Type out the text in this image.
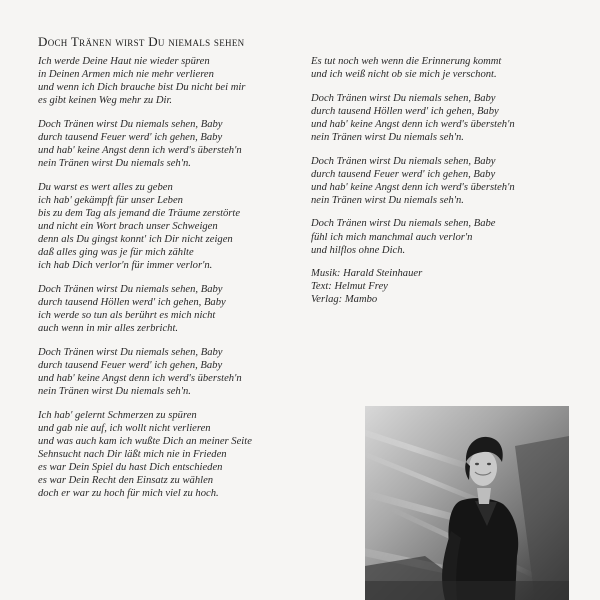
Doch Tränen wirst Du niemals sehen
Ich werde Deine Haut nie wieder spüren
in Deinen Armen mich nie mehr verlieren
und wenn ich Dich brauche bist Du nicht bei mir
es gibt keinen Weg mehr zu Dir.
Doch Tränen wirst Du niemals sehen, Baby
durch tausend Feuer werd' ich gehen, Baby
und hab' keine Angst denn ich werd's übersteh'n
nein Tränen wirst Du niemals seh'n.
Du warst es wert alles zu geben
ich hab' gekämpft für unser Leben
bis zu dem Tag als jemand die Träume zerstörte
und nicht ein Wort brach unser Schweigen
denn als Du gingst konnt' ich Dir nicht zeigen
daß alles ging was je für mich zählte
ich hab Dich verlor'n für immer verlor'n.
Doch Tränen wirst Du niemals sehen, Baby
durch tausend Höllen werd' ich gehen, Baby
ich werde so tun als berührt es mich nicht
auch wenn in mir alles zerbricht.
Doch Tränen wirst Du niemals sehen, Baby
durch tausend Feuer werd' ich gehen, Baby
und hab' keine Angst denn ich werd's übersteh'n
nein Tränen wirst Du niemals seh'n.
Ich hab' gelernt Schmerzen zu spüren
und gab nie auf, ich wollt nicht verlieren
und was auch kam ich wußte Dich an meiner Seite
Sehnsucht nach Dir läßt mich nie in Frieden
es war Dein Spiel du hast Dich entschieden
es war Dein Recht den Einsatz zu wählen
doch er war zu hoch für mich viel zu hoch.
Es tut noch weh wenn die Erinnerung kommt
und ich weiß nicht ob sie mich je verschont.
Doch Tränen wirst Du niemals sehen, Baby
durch tausend Höllen werd' ich gehen, Baby
und hab' keine Angst denn ich werd's übersteh'n
nein Tränen wirst Du niemals seh'n.
Doch Tränen wirst Du niemals sehen, Baby
durch tausend Feuer werd' ich gehen, Baby
und hab' keine Angst denn ich werd's übersteh'n
nein Tränen wirst Du niemals seh'n.
Doch Tränen wirst Du niemals sehen, Babe
fühl ich mich manchmal auch verlor'n
und hilflos ohne Dich.
Musik: Harald Steinhauer
Text: Helmut Frey
Verlag: Mambo
